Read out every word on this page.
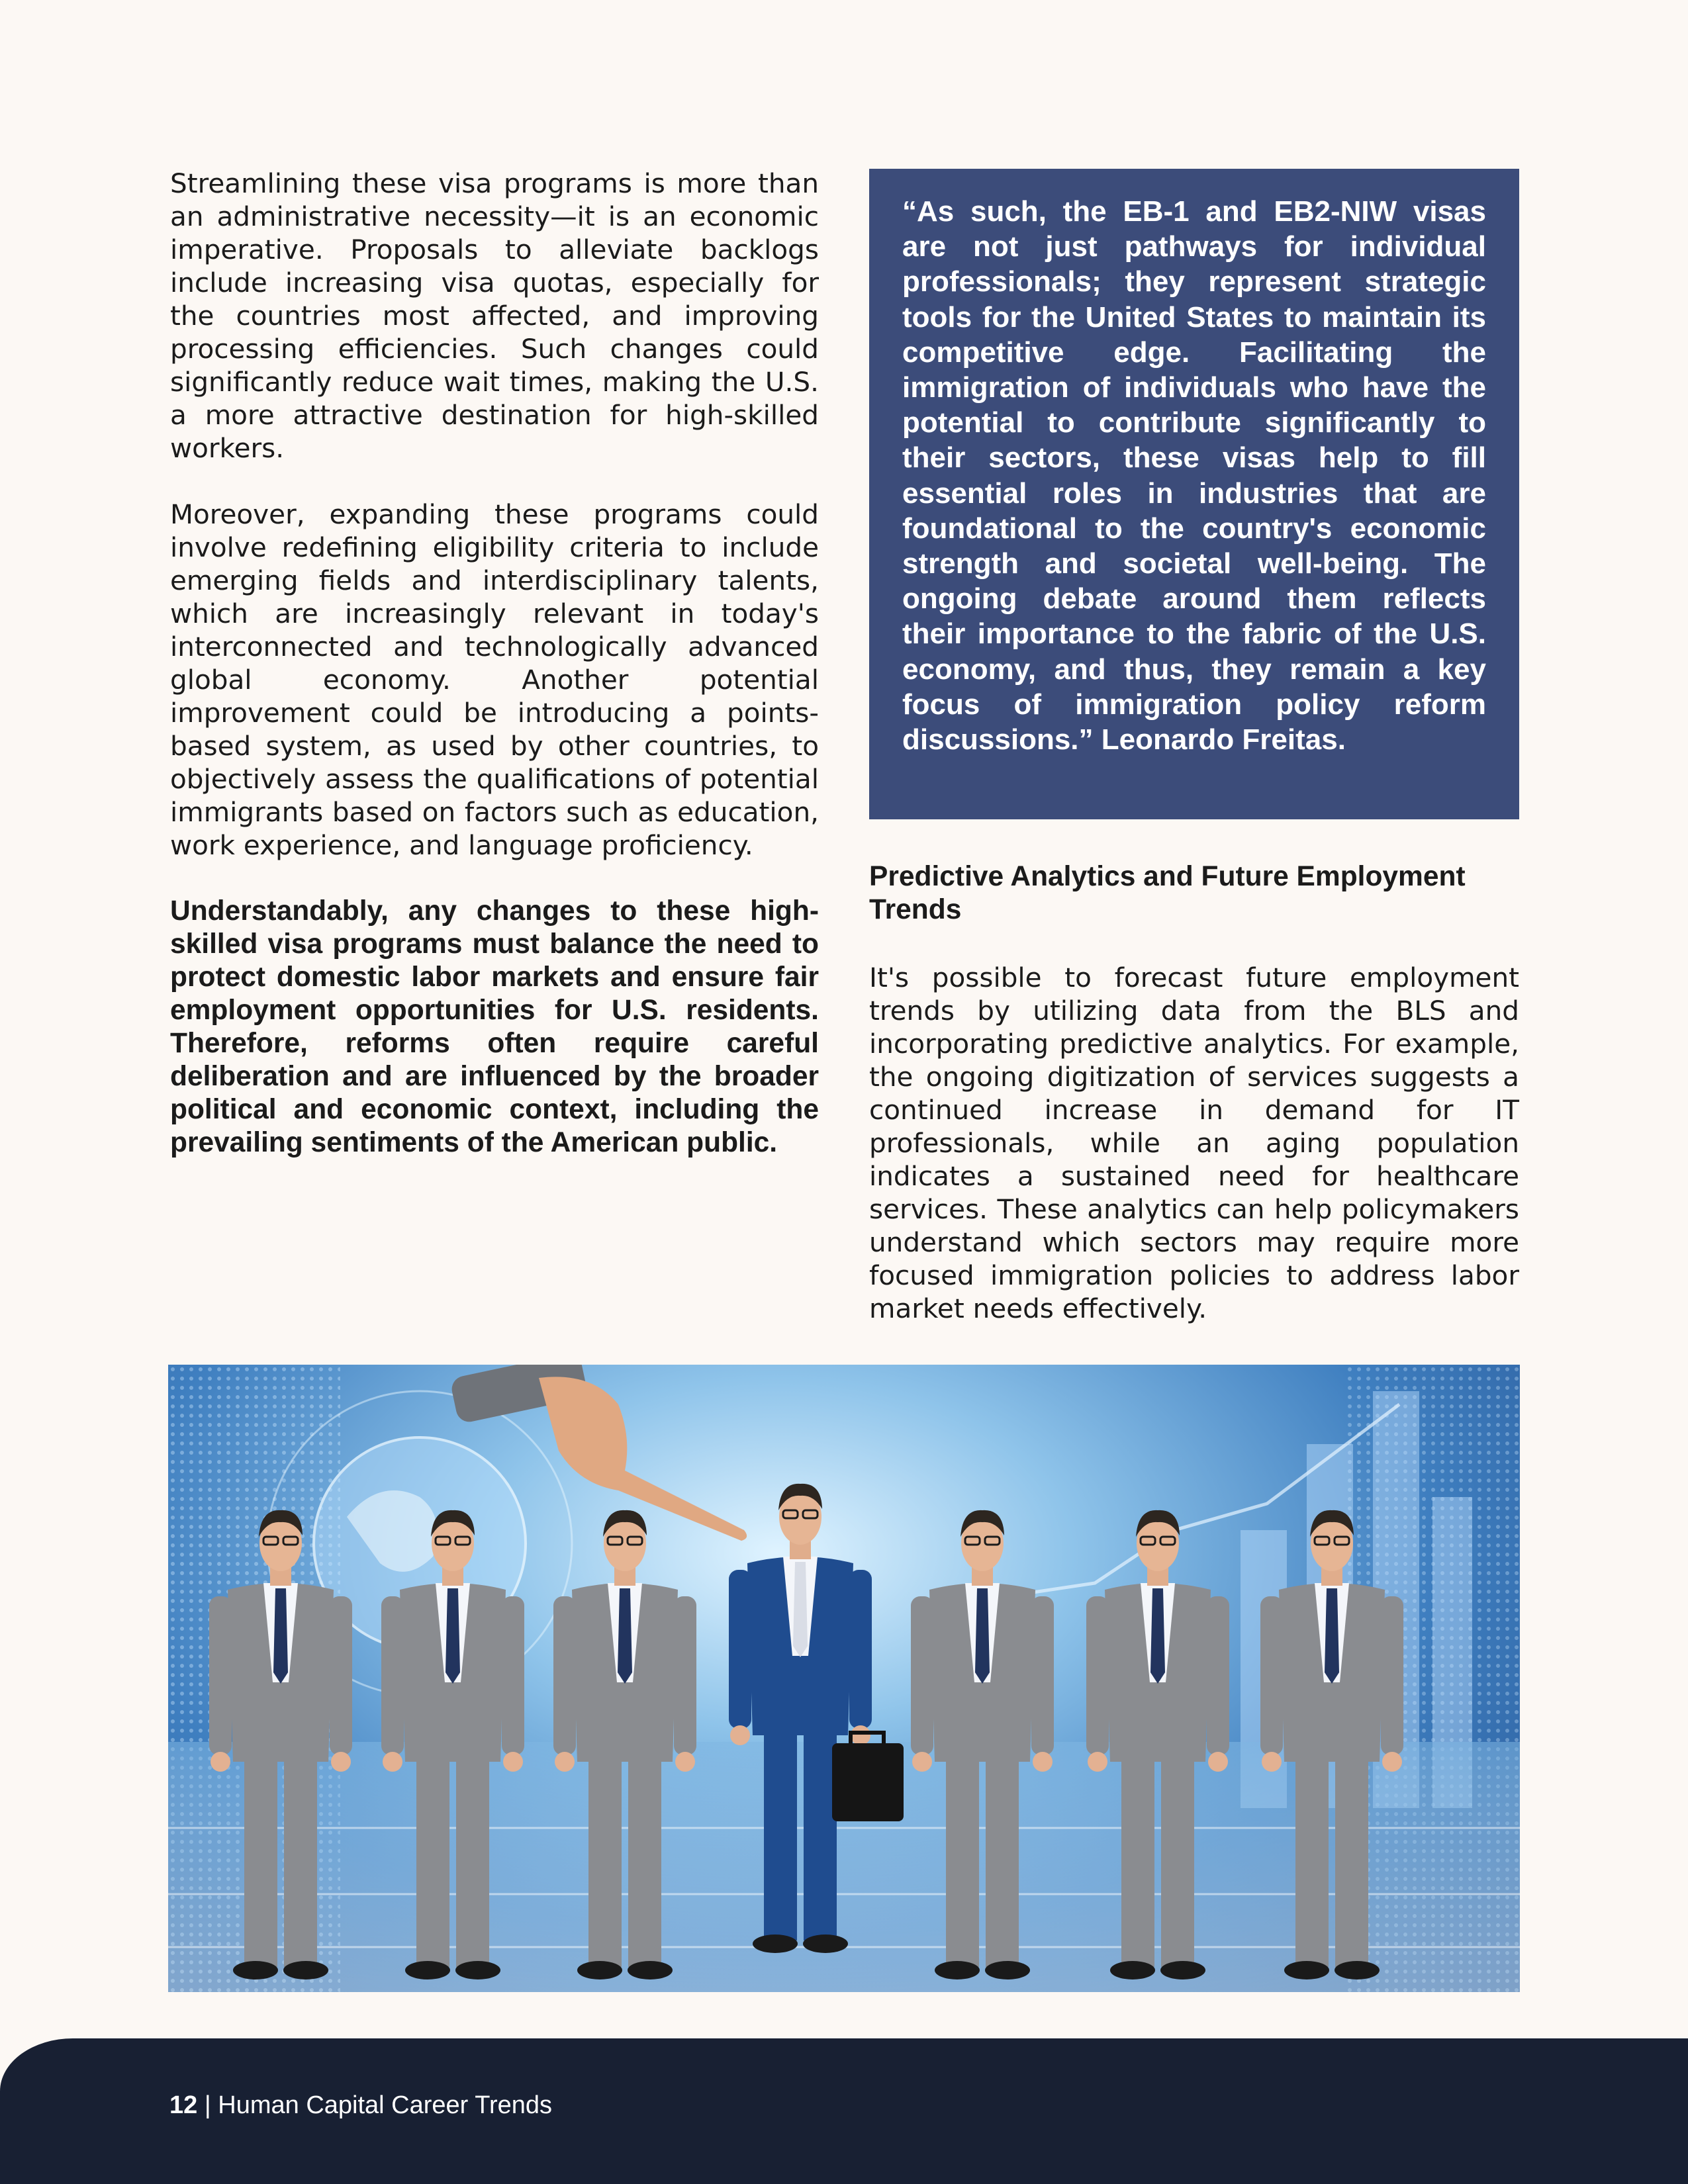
Streamlining these visa programs is more than an administrative necessity—it is an economic imperative. Proposals to alleviate backlogs include increasing visa quotas, especially for the countries most affected, and improving processing efficiencies. Such changes could significantly reduce wait times, making the U.S. a more attractive destination for high-skilled workers.

Moreover, expanding these programs could involve redefining eligibility criteria to include emerging fields and interdisciplinary talents, which are increasingly relevant in today's interconnected and technologically advanced global economy. Another potential improvement could be introducing a points-based system, as used by other countries, to objectively assess the qualifications of potential immigrants based on factors such as education, work experience, and language proficiency.

Understandably, any changes to these high-skilled visa programs must balance the need to protect domestic labor markets and ensure fair employment opportunities for U.S. residents. Therefore, reforms often require careful deliberation and are influenced by the broader political and economic context, including the prevailing sentiments of the American public.

“As such, the EB-1 and EB2-NIW visas are not just pathways for individual professionals; they represent strategic tools for the United States to maintain its competitive edge. Facilitating the immigration of individuals who have the potential to contribute significantly to their sectors, these visas help to fill essential roles in industries that are foundational to the country's economic strength and societal well-being. The ongoing debate around them reflects their importance to the fabric of the U.S. economy, and thus, they remain a key focus of immigration policy reform discussions.” Leonardo Freitas.

Predictive Analytics and Future Employment Trends

It's possible to forecast future employment trends by utilizing data from the BLS and incorporating predictive analytics. For example, the ongoing digitization of services suggests a continued increase in demand for IT professionals, while an aging population indicates a sustained need for healthcare services. These analytics can help policymakers understand which sectors may require more focused immigration policies to address labor market needs effectively.

12 | Human Capital Career Trends
